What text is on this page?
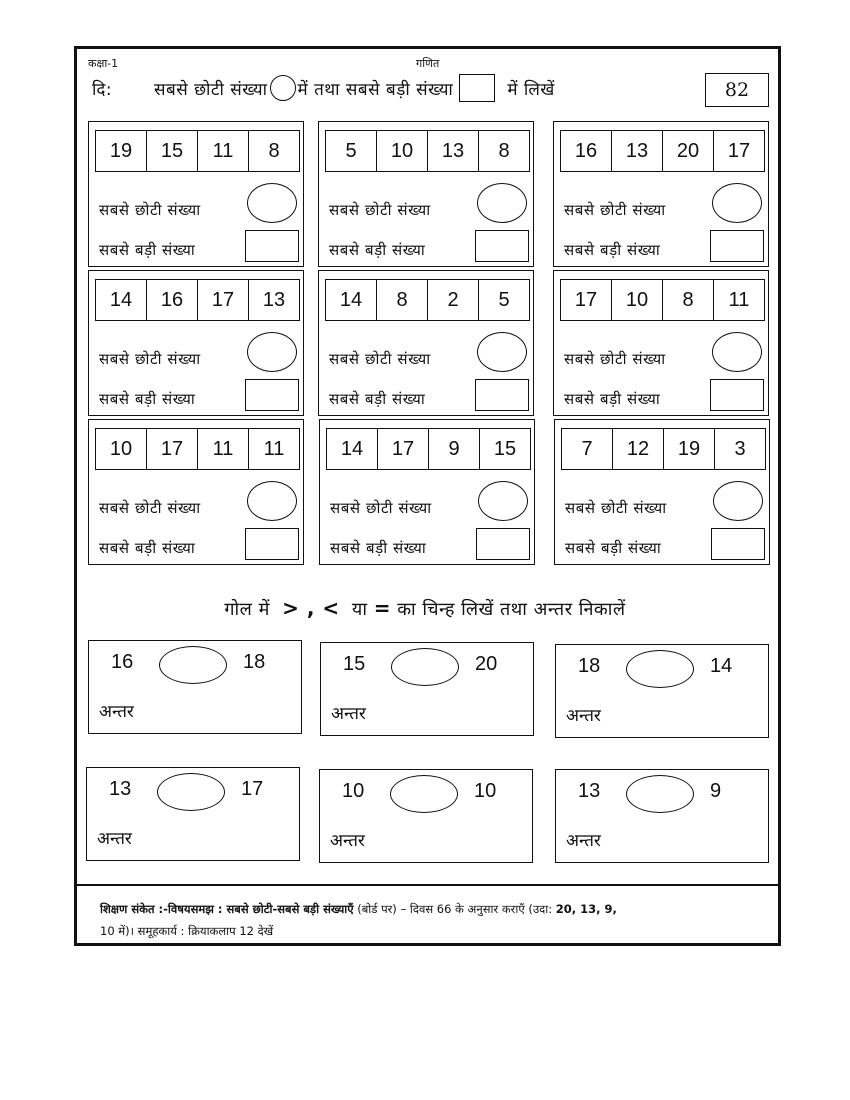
कक्षा-1	गणित
दि:	सबसे छोटी संख्या में तथा सबसे बड़ी संख्या	में लिखें	82
19	15	11	8
सबसे छोटी संख्या
सबसे बड़ी संख्या
5	10	13	8
सबसे छोटी संख्या
सबसे बड़ी संख्या
16	13	20	17
सबसे छोटी संख्या
सबसे बड़ी संख्या
14	16	17	13
सबसे छोटी संख्या
सबसे बड़ी संख्या
14	8	2	5
सबसे छोटी संख्या
सबसे बड़ी संख्या
17	10	8	11
सबसे छोटी संख्या
सबसे बड़ी संख्या
10	17	11	11
सबसे छोटी संख्या
सबसे बड़ी संख्या
14	17	9	15
सबसे छोटी संख्या
सबसे बड़ी संख्या
7	12	19	3
सबसे छोटी संख्या
सबसे बड़ी संख्या
गोल में > , < या = का चिन्ह लिखें तथा अन्तर निकालें
16	18
अन्तर
15	20
अन्तर
18	14
अन्तर
13	17
अन्तर
10	10
अन्तर
13	9
अन्तर
शिक्षण संकेत :-विषयसमझ : सबसे छोटी-सबसे बड़ी संख्याएँ (बोर्ड पर) – दिवस 66 के अनुसार कराएँ (उदा: 20, 13, 9,
10 में)। समूहकार्य : क्रियाकलाप 12 देखें
